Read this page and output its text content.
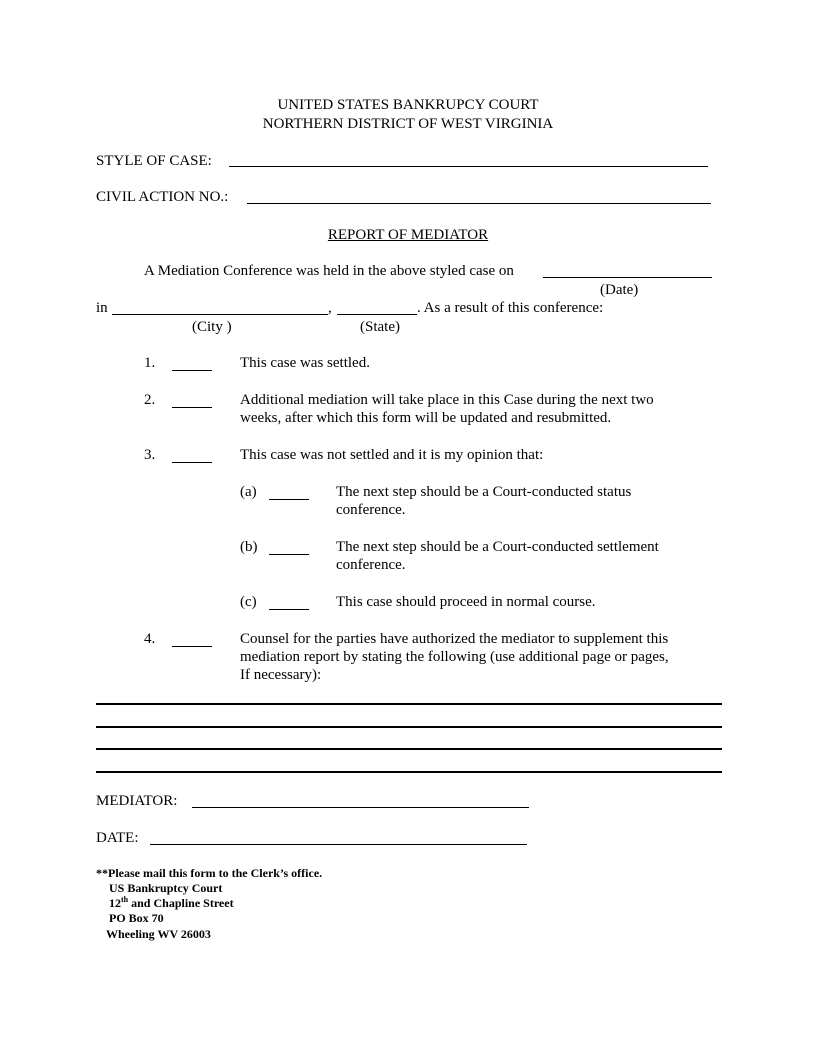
UNITED STATES BANKRUPCY COURT
NORTHERN DISTRICT OF WEST VIRGINIA
STYLE OF CASE:
CIVIL ACTION NO.:
REPORT OF MEDIATOR
A Mediation Conference was held in the above styled case on
(Date)
in	,	. As a result of this conference:
(City )	(State)
1.	This case was settled.
2.	Additional mediation will take place in this Case during the next two
weeks, after which this form will be updated and resubmitted.
3.	This case was not settled and it is my opinion that:
(a)	The next step should be a Court-conducted status
conference.
(b)	The next step should be a Court-conducted settlement
conference.
(c)	This case should proceed in normal course.
4.	Counsel for the parties have authorized the mediator to supplement this
mediation report by stating the following (use additional page or pages,
If necessary):
MEDIATOR:
DATE:
**Please mail this form to the Clerk’s office.
US Bankruptcy Court
12th and Chapline Street
PO Box 70
Wheeling WV 26003
